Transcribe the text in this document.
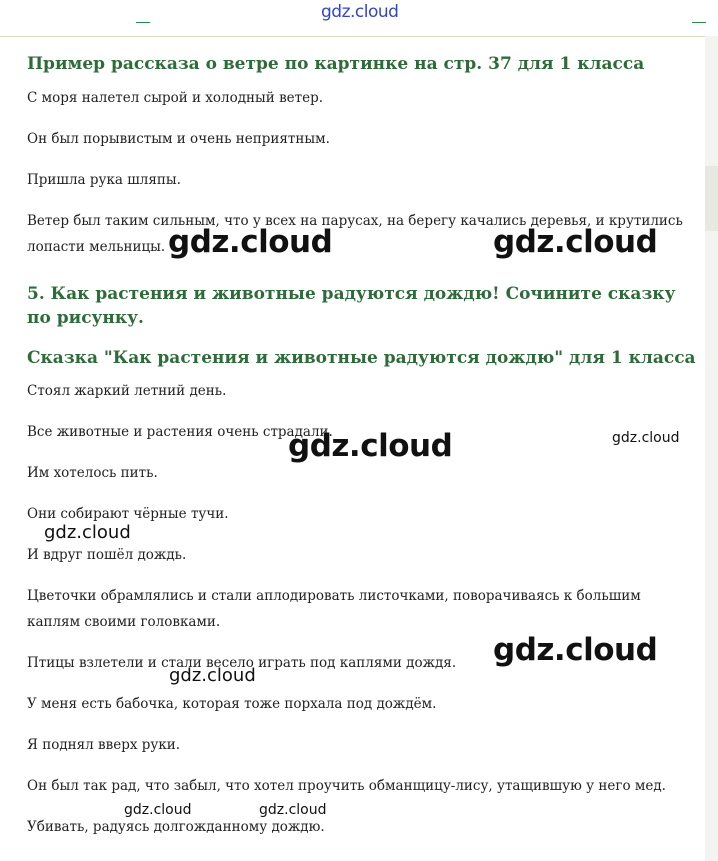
gdz.cloud
Пример рассказа о ветре по картинке на стр. 37 для 1 класса

С моря налетел сырой и холодный ветер.

Он был порывистым и очень неприятным.

Пришла рука шляпы.

Ветер был таким сильным, что у всех на парусах, на берегу качались деревья, и крутились лопасти мельницы.

5. Как растения и животные радуются дождю! Сочините сказку по рисунку.
Сказка "Как растения и животные радуются дождю" для 1 класса

Стоял жаркий летний день.

Все животные и растения очень страдали.

Им хотелось пить.

Они собирают чёрные тучи.

И вдруг пошёл дождь.

Цветочки обрамлялись и стали аплодировать листочками, поворачиваясь к большим каплям своими головками.

Птицы взлетели и стали весело играть под каплями дождя.

У меня есть бабочка, которая тоже порхала под дождём.

Я поднял вверх руки.

Он был так рад, что забыл, что хотел проучить обманщицу-лису, утащившую у него мед.

Убивать, радуясь долгожданному дождю.

gdz.cloud	gdz.cloud
gdz.cloud	gdz.cloud
gdz.cloud
gdz.cloud
gdz.cloud
gdz.cloud	gdz.cloud
